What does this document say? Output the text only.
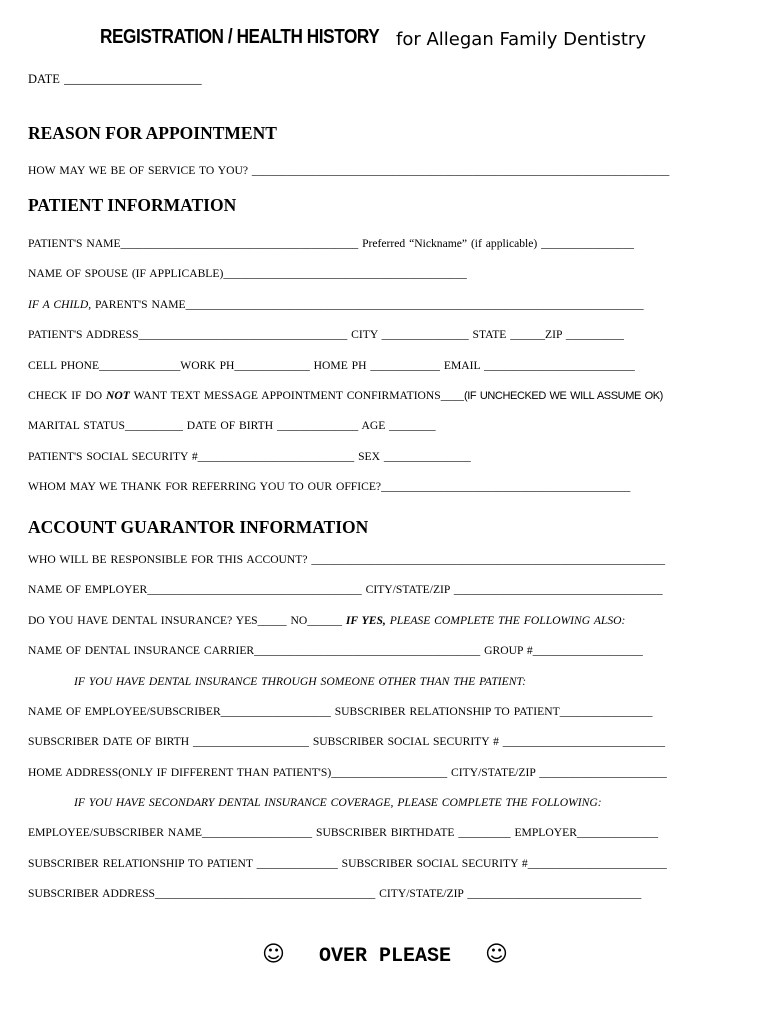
REGISTRATION / HEALTH HISTORY for Allegan Family Dentistry
DATE ______________________
REASON FOR APPOINTMENT
HOW MAY WE BE OF SERVICE TO YOU? ________________________________________________________________________
PATIENT INFORMATION
PATIENT'S NAME_________________________________________ Preferred “Nickname” (if applicable) ________________
NAME OF SPOUSE (IF APPLICABLE)__________________________________________
IF A CHILD, PARENT'S NAME_______________________________________________________________________________
PATIENT'S ADDRESS____________________________________ CITY _______________ STATE ______ZIP __________
CELL PHONE______________WORK PH_____________ HOME PH ____________ EMAIL __________________________
CHECK IF DO NOT WANT TEXT MESSAGE APPOINTMENT CONFIRMATIONS____(IF UNCHECKED WE WILL ASSUME OK)
MARITAL STATUS__________ DATE OF BIRTH ______________ AGE ________
PATIENT'S SOCIAL SECURITY #___________________________ SEX _______________
WHOM MAY WE THANK FOR REFERRING YOU TO OUR OFFICE?___________________________________________
ACCOUNT GUARANTOR INFORMATION
WHO WILL BE RESPONSIBLE FOR THIS ACCOUNT? _____________________________________________________________
NAME OF EMPLOYER_____________________________________ CITY/STATE/ZIP ____________________________________
DO YOU HAVE DENTAL INSURANCE? YES_____ NO______ IF YES, PLEASE COMPLETE THE FOLLOWING ALSO:
NAME OF DENTAL INSURANCE CARRIER_______________________________________ GROUP #___________________
IF YOU HAVE DENTAL INSURANCE THROUGH SOMEONE OTHER THAN THE PATIENT:
NAME OF EMPLOYEE/SUBSCRIBER___________________ SUBSCRIBER RELATIONSHIP TO PATIENT________________
SUBSCRIBER DATE OF BIRTH ____________________ SUBSCRIBER SOCIAL SECURITY # ____________________________
HOME ADDRESS(ONLY IF DIFFERENT THAN PATIENT'S)____________________ CITY/STATE/ZIP ______________________
IF YOU HAVE SECONDARY DENTAL INSURANCE COVERAGE, PLEASE COMPLETE THE FOLLOWING:
EMPLOYEE/SUBSCRIBER NAME___________________ SUBSCRIBER BIRTHDATE _________ EMPLOYER______________
SUBSCRIBER RELATIONSHIP TO PATIENT ______________ SUBSCRIBER SOCIAL SECURITY #________________________
SUBSCRIBER ADDRESS______________________________________ CITY/STATE/ZIP ______________________________
☺ OVER PLEASE ☺
